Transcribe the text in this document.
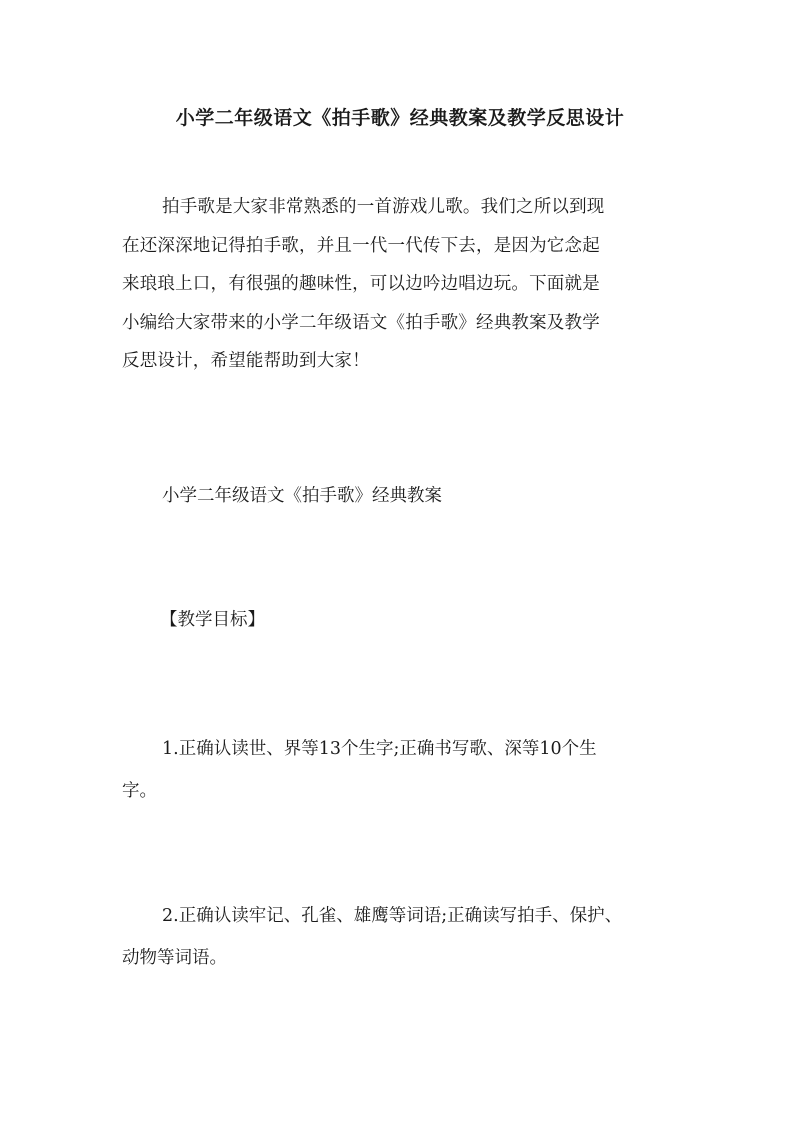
小学二年级语文《拍手歌》经典教案及教学反思设计
拍手歌是大家非常熟悉的一首游戏儿歌。我们之所以到现
在还深深地记得拍手歌，并且一代一代传下去，是因为它念起
来琅琅上口，有很强的趣味性，可以边吟边唱边玩。下面就是
小编给大家带来的小学二年级语文《拍手歌》经典教案及教学
反思设计，希望能帮助到大家！

小学二年级语文《拍手歌》经典教案

【教学目标】

1.正确认读世、界等13个生字;正确书写歌、深等10个生
字。
2.正确认读牢记、孔雀、雄鹰等词语;正确读写拍手、保护、
动物等词语。
